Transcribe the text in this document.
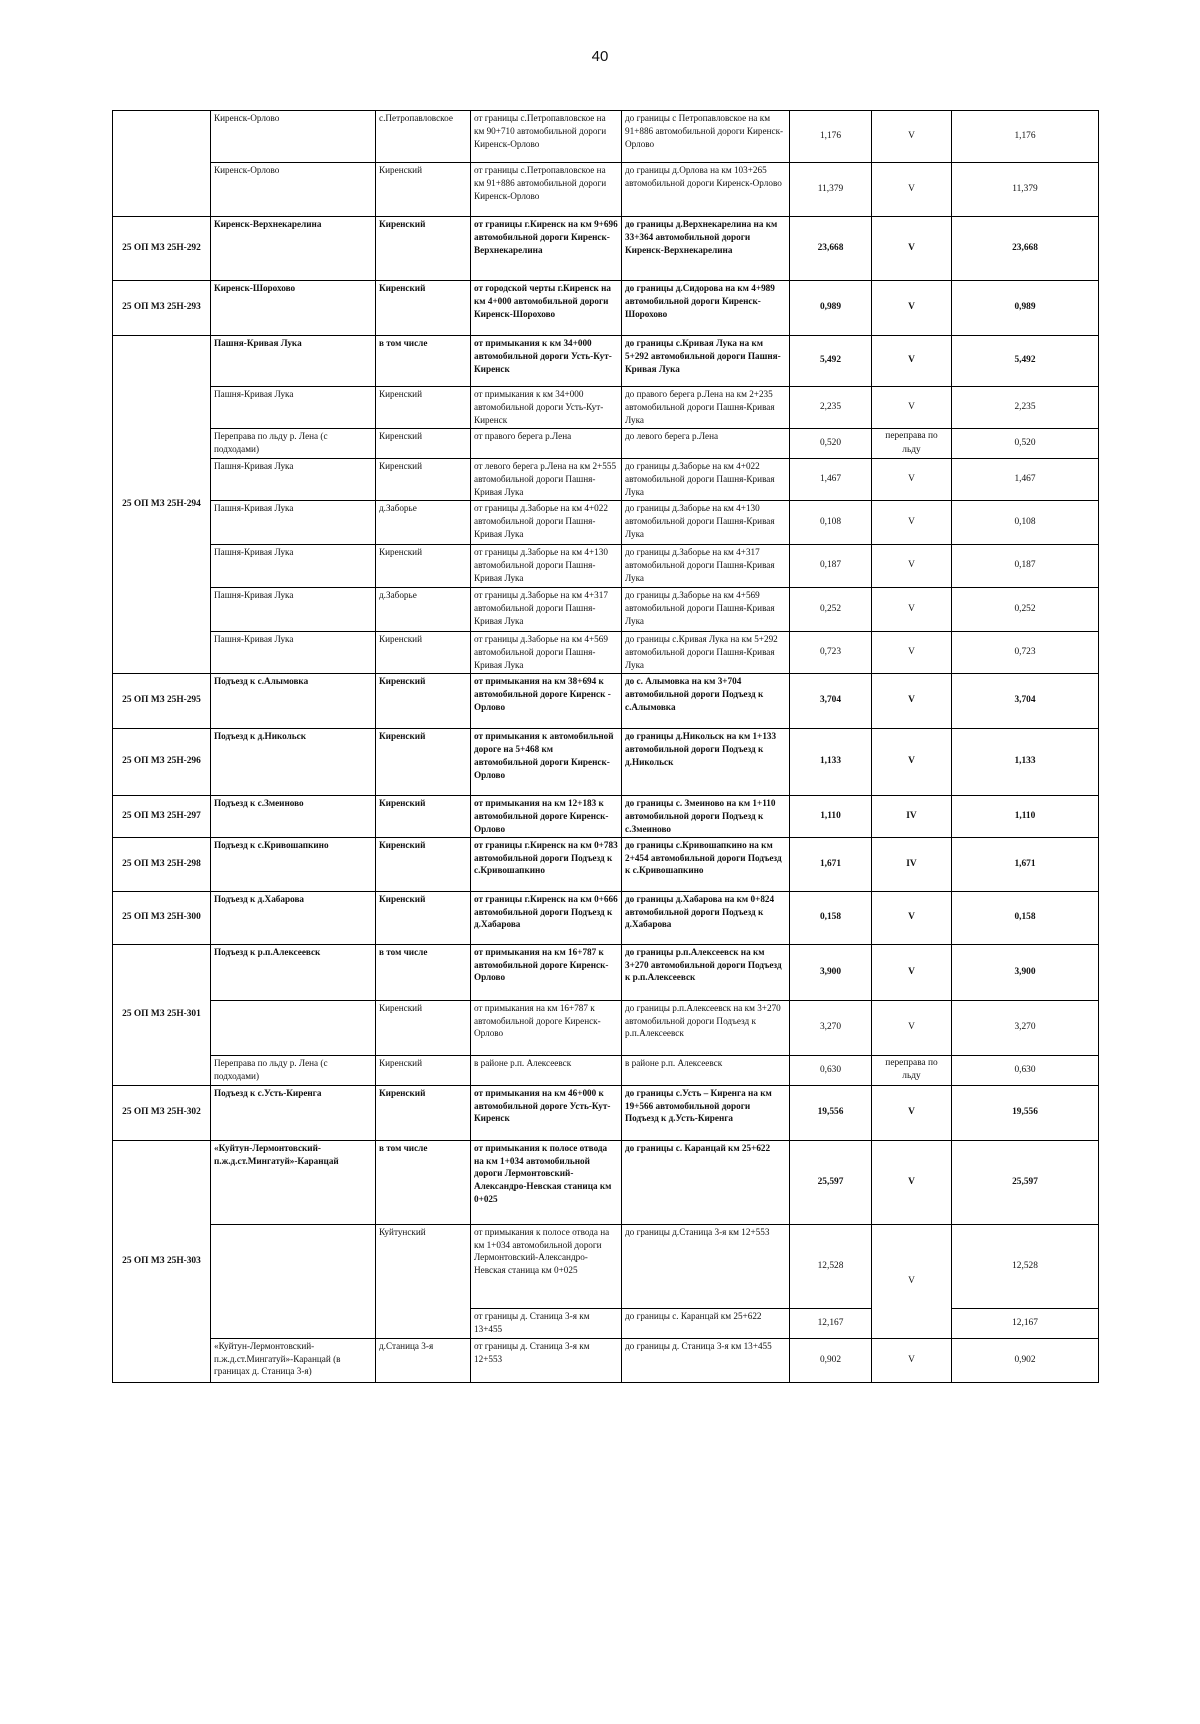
40
	Киренск-Орлово	с.Петропавловское	от границы с.Петропавловское на км 90+710 автомобильной дороги Киренск-Орлово	до границы с Петропавловское на км 91+886 автомобильной дороги Киренск-Орлово	1,176	V	1,176
	Киренск-Орлово	Киренский	от границы с.Петропавловское на км 91+886 автомобильной дороги Киренск-Орлово	до границы д.Орлова на км 103+265 автомобильной дороги Киренск-Орлово	11,379	V	11,379
25 ОП МЗ 25Н-292	Киренск-Верхнекарелина	Киренский	от границы г.Киренск на км 9+696 автомобильной дороги Киренск-Верхнекарелина	до границы д.Верхнекарелина на км 33+364 автомобильной дороги Киренск-Верхнекарелина	23,668	V	23,668
25 ОП МЗ 25Н-293	Киренск-Шорохово	Киренский	от городской черты г.Киренск на км 4+000 автомобильной дороги Киренск-Шорохово	до границы д.Сидорова на км 4+989 автомобильной дороги Киренск-Шорохово	0,989	V	0,989
25 ОП МЗ 25Н-294	Пашня-Кривая Лука	в том числе	от примыкания к км 34+000 автомобильной дороги Усть-Кут-Киренск	до границы с.Кривая Лука на км 5+292 автомобильной дороги Пашня-Кривая Лука	5,492	V	5,492
	Пашня-Кривая Лука	Киренский	от примыкания к км 34+000 автомобильной дороги Усть-Кут-Киренск	до правого берега р.Лена на км 2+235 автомобильной дороги Пашня-Кривая Лука	2,235	V	2,235
	Переправа по льду р. Лена (с подходами)	Киренский	от правого берега р.Лена	до левого берега р.Лена	0,520	переправа по льду	0,520
	Пашня-Кривая Лука	Киренский	от левого берега р.Лена на км 2+555 автомобильной дороги Пашня-Кривая Лука	до границы д.Заборье на км 4+022 автомобильной дороги Пашня-Кривая Лука	1,467	V	1,467
	Пашня-Кривая Лука	д.Заборье	от границы д.Заборье на км 4+022 автомобильной дороги Пашня-Кривая Лука	до границы д.Заборье на км 4+130 автомобильной дороги Пашня-Кривая Лука	0,108	V	0,108
	Пашня-Кривая Лука	Киренский	от границы д.Заборье на км 4+130 автомобильной дороги Пашня-Кривая Лука	до границы д.Заборье на км 4+317 автомобильной дороги Пашня-Кривая Лука	0,187	V	0,187
	Пашня-Кривая Лука	д.Заборье	от границы д.Заборье на км 4+317 автомобильной дороги Пашня-Кривая Лука	до границы д.Заборье на км 4+569 автомобильной дороги Пашня-Кривая Лука	0,252	V	0,252
	Пашня-Кривая Лука	Киренский	от границы д.Заборье на км 4+569 автомобильной дороги Пашня-Кривая Лука	до границы с.Кривая Лука на км 5+292 автомобильной дороги Пашня-Кривая Лука	0,723	V	0,723
25 ОП МЗ 25Н-295	Подъезд к с.Алымовка	Киренский	от примыкания на км 38+694 к автомобильной дороге Киренск - Орлово	до с. Алымовка на км 3+704 автомобильной дороги Подъезд к с.Алымовка	3,704	V	3,704
25 ОП МЗ 25Н-296	Подъезд к д.Никольск	Киренский	от примыкания к автомобильной дороге на 5+468 км автомобильной дороги Киренск-Орлово	до границы д.Никольск на км 1+133 автомобильной дороги Подъезд к д.Никольск	1,133	V	1,133
25 ОП МЗ 25Н-297	Подъезд к с.Змеиново	Киренский	от примыкания на км 12+183 к автомобильной дороге Киренск-Орлово	до границы с. Змеиново на км 1+110 автомобильной дороги Подъезд к с.Змеиново	1,110	IV	1,110
25 ОП МЗ 25Н-298	Подъезд к с.Кривошапкино	Киренский	от границы г.Киренск на км 0+783 автомобильной дороги Подъезд к с.Кривошапкино	до границы с.Кривошапкино на км 2+454 автомобильной дороги Подъезд к с.Кривошапкино	1,671	IV	1,671
25 ОП МЗ 25Н-300	Подъезд к д.Хабарова	Киренский	от границы г.Киренск на км 0+666 автомобильной дороги Подъезд к д.Хабарова	до границы д.Хабарова на км 0+824 автомобильной дороги Подъезд к д.Хабарова	0,158	V	0,158
25 ОП МЗ 25Н-301	Подъезд к р.п.Алексеевск	в том числе	от примыкания на км 16+787 к автомобильной дороге Киренск-Орлово	до границы р.п.Алексеевск на км 3+270 автомобильной дороги Подъезд к р.п.Алексеевск	3,900	V	3,900
		Киренский	от примыкания на км 16+787 к автомобильной дороге Киренск-Орлово	до границы р.п.Алексеевск на км 3+270 автомобильной дороги Подъезд к р.п.Алексеевск	3,270	V	3,270
	Переправа по льду р. Лена (с подходами)	Киренский	в районе р.п. Алексеевск	в районе р.п. Алексеевск	0,630	переправа по льду	0,630
25 ОП МЗ 25Н-302	Подъезд к с.Усть-Киренга	Киренский	от примыкания на км 46+000 к автомобильной дороге Усть-Кут-Киренск	до границы с.Усть – Киренга на км 19+566 автомобильной дороги Подъезд к д.Усть-Киренга	19,556	V	19,556
25 ОП МЗ 25Н-303	«Куйтун-Лермонтовский-п.ж.д.ст.Мингатуй»-Каранцай	в том числе	от примыкания к полосе отвода на км 1+034 автомобильной дороги Лермонтовский-Александро-Невская станица км 0+025	до границы с. Каранцай км 25+622	25,597	V	25,597
		Куйтунский	от примыкания к полосе отвода на км 1+034 автомобильной дороги Лермонтовский-Александро-Невская станица км 0+025	до границы д.Станица 3-я км 12+553	12,528	V	12,528
			от границы д. Станица 3-я км 13+455	до границы с. Каранцай км 25+622	12,167		12,167
	«Куйтун-Лермонтовский-п.ж.д.ст.Мингатуй»-Каранцай (в границах д. Станица 3-я)	д.Станица 3-я	от границы д. Станица 3-я км 12+553	до границы д. Станица 3-я км 13+455	0,902	V	0,902
